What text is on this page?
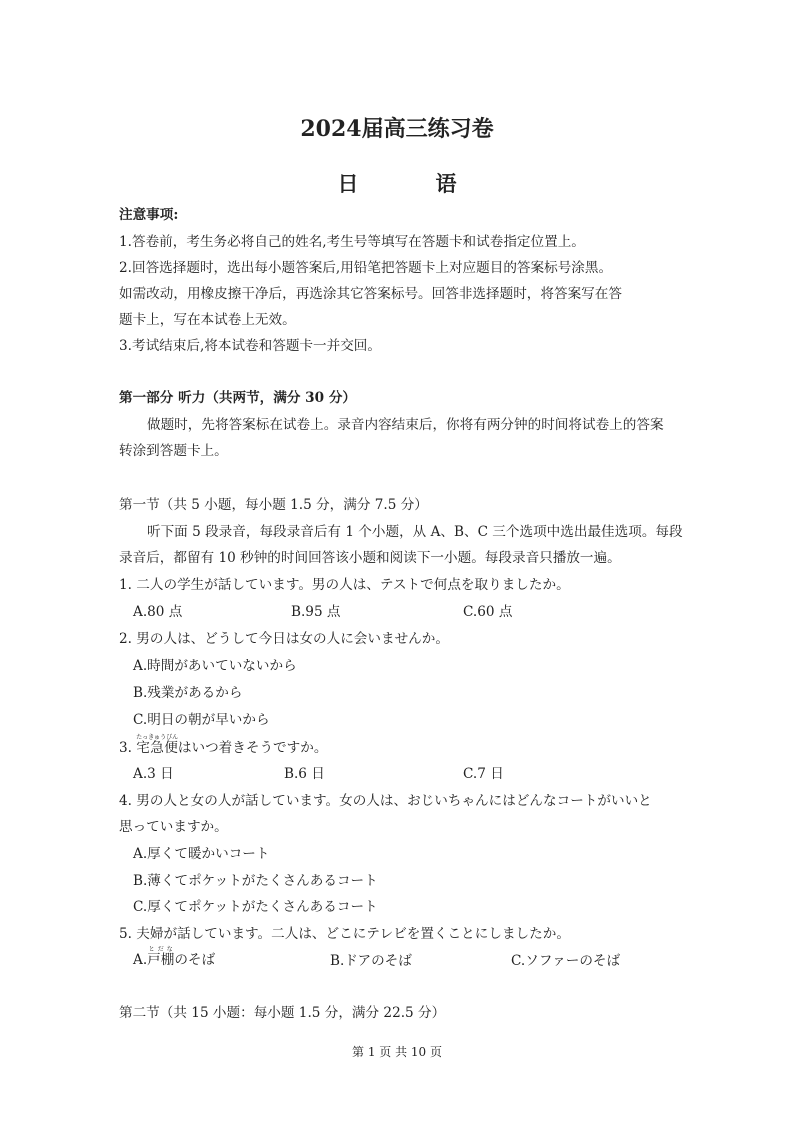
2024届高三练习卷
日　语
注意事项:
1.答卷前，考生务必将自己的姓名,考生号等填写在答题卡和试卷指定位置上。
2.回答选择题时，选出每小题答案后,用铅笔把答题卡上对应题目的答案标号涂黑。
如需改动，用橡皮擦干净后，再选涂其它答案标号。回答非选择题时，将答案写在答
题卡上，写在本试卷上无效。
3.考试结束后,将本试卷和答题卡一并交回。
第一部分 听力（共两节，满分 30 分）
做题时，先将答案标在试卷上。录音内容结束后，你将有两分钟的时间将试卷上的答案
转涂到答题卡上。
第一节（共 5 小题，每小题 1.5 分，满分 7.5 分）
听下面 5 段录音，每段录音后有 1 个小题，从 A、B、C 三个选项中选出最佳选项。每段
录音后，都留有 10 秒钟的时间回答该小题和阅读下一小题。每段录音只播放一遍。
1. 二人の学生が話しています。男の人は、テストで何点を取りましたか。
A.80 点	B.95 点	C.60 点
2. 男の人は、どうして今日は女の人に会いませんか。
A.時間があいていないから
B.残業があるから
C.明日の朝が早いから
3. 宅急便たっきゅうびんはいつ着きそうですか。
A.3 日	B.6 日	C.7 日
4. 男の人と女の人が話しています。女の人は、おじいちゃんにはどんなコートがいいと
思っていますか。
A.厚くて暖かいコート
B.薄くてポケットがたくさんあるコート
C.厚くてポケットがたくさんあるコート
5. 夫婦が話しています。二人は、どこにテレビを置くことにしましたか。
A.戸棚とだなのそば	B.ドアのそば	C.ソファーのそば
第二节（共 15 小题：每小题 1.5 分，满分 22.5 分）
第 1 页 共 10 页
